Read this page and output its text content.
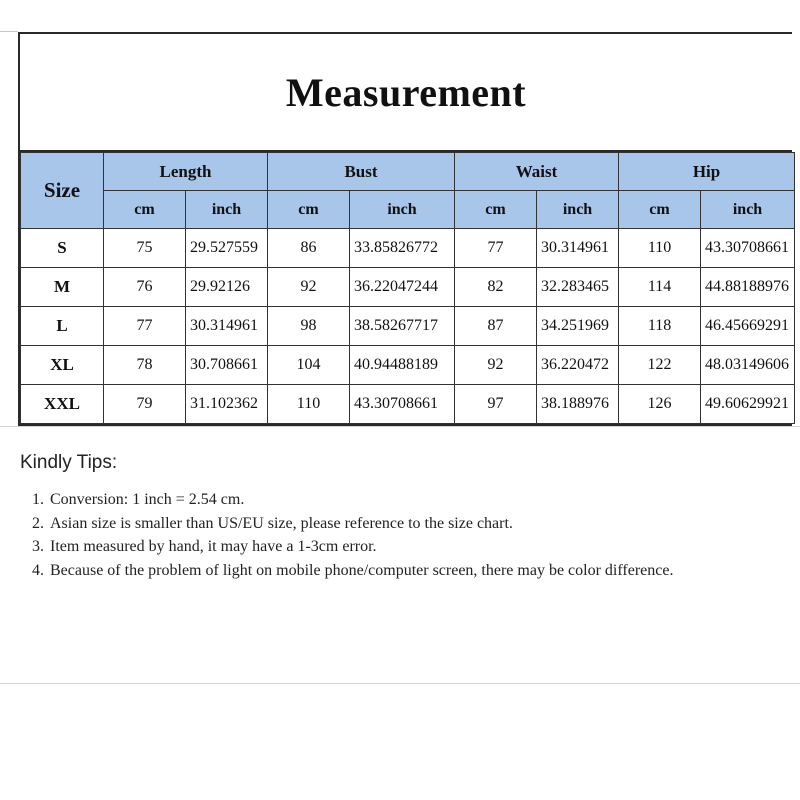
Measurement
Size	Length		Bust		Waist		Hip	
	cm	inch	cm	inch	cm	inch	cm	inch
S	75	29.527559	86	33.85826772	77	30.314961	110	43.30708661
M	76	29.92126	92	36.22047244	82	32.283465	114	44.88188976
L	77	30.314961	98	38.58267717	87	34.251969	118	46.45669291
XL	78	30.708661	104	40.94488189	92	36.220472	122	48.03149606
XXL	79	31.102362	110	43.30708661	97	38.188976	126	49.60629921
Kindly Tips:
1. Conversion: 1 inch = 2.54 cm.
2. Asian size is smaller than US/EU size, please reference to the size chart.
3. Item measured by hand, it may have a 1-3cm error.
4. Because of the problem of light on mobile phone/computer screen, there may be color difference.
